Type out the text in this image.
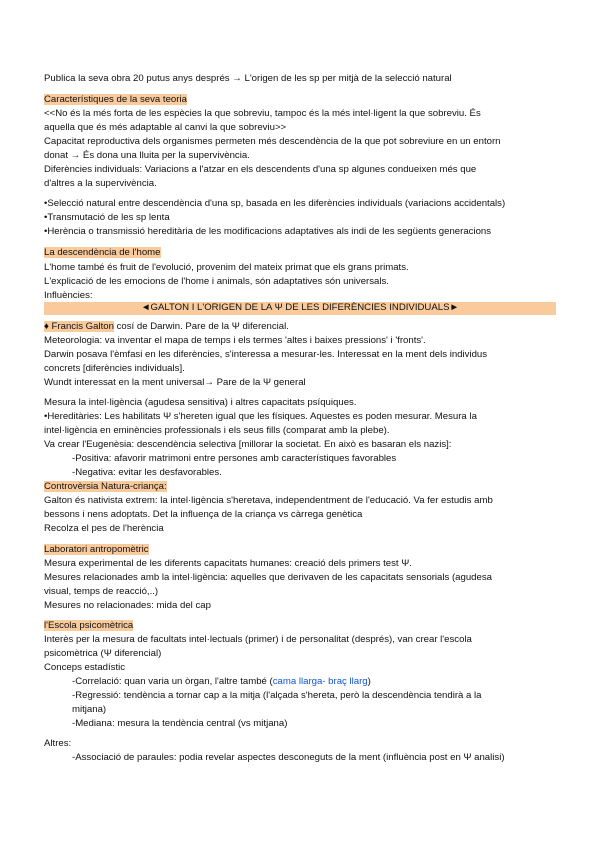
Publica la seva obra 20 putus anys després → L'origen de les sp per mitjà de la selecció natural
Característiques de la seva teoria
<<No és la més forta de les espècies la que sobreviu, tampoc és la més intel·ligent la que sobreviu. És
aquella que és més adaptable al canvi la que sobreviu>>
Capacitat reproductiva dels organismes permeten més descendència de la que pot sobreviure en un entorn
donat → És dona una lluita per la supervivència.
Diferències individuals: Variacions a l'atzar en els descendents d'una sp algunes condueixen més que
d'altres a la supervivència.
•Selecció natural entre descendència d'una sp, basada en les diferències individuals (variacions accidentals)
•Transmutació de les sp lenta
•Herència o transmissió hereditària de les modificacions adaptatives als indi de les següents generacions
La descendència de l'home
L'home també és fruit de l'evolució, provenim del mateix primat que els grans primats.
L'explicació de les emocions de l'home i animals, són adaptatives són universals.
Influències:
◄GALTON I L'ORIGEN DE LA Ψ DE LES DIFERÈNCIES INDIVIDUALS►
♦ Francis Galton cosí de Darwin. Pare de la Ψ diferencial.
Meteorologia: va inventar el mapa de temps i els termes 'altes i baixes pressions' i 'fronts'.
Darwin posava l'èmfasi en les diferències, s'interessa a mesurar-les. Interessat en la ment dels individus
concrets [diferències individuals].
Wundt interessat en la ment universal→ Pare de la Ψ general
Mesura la intel·ligència (agudesa sensitiva) i altres capacitats psíquiques.
•Hereditàries: Les habilitats Ψ s'hereten igual que les físiques. Aquestes es poden mesurar. Mesura la
intel·ligència en eminències professionals i els seus fills (comparat amb la plebe).
Va crear l'Eugenèsia: descendència selectiva [millorar la societat. En això es basaran els nazis]:
-Positiva: afavorir matrimoni entre persones amb característiques favorables
-Negativa: evitar les desfavorables.
Controvèrsia Natura-criança:
Galton és nativista extrem: la intel·ligència s'heretava, independentment de l'educació. Va fer estudis amb
bessons i nens adoptats. Det la influença de la criança vs càrrega genètica
Recolza el pes de l'herència
Laboratori antropomètric
Mesura experimental de les diferents capacitats humanes: creació dels primers test Ψ.
Mesures relacionades amb la intel·ligència: aquelles que derivaven de les capacitats sensorials (agudesa
visual, temps de reacció,..)
Mesures no relacionades: mida del cap
l'Escola psicomètrica
Interès per la mesura de facultats intel·lectuals (primer) i de personalitat (després), van crear l'escola
psicomètrica (Ψ diferencial)
Conceps estadístic
-Correlació: quan varia un òrgan, l'altre també (cama llarga- braç llarg)
-Regressió: tendència a tornar cap a la mitja (l'alçada s'hereta, però la descendència tendirà a la
mitjana)
-Mediana: mesura la tendència central (vs mitjana)
Altres:
-Associació de paraules: podia revelar aspectes desconeguts de la ment (influència post en Ψ analisi)
